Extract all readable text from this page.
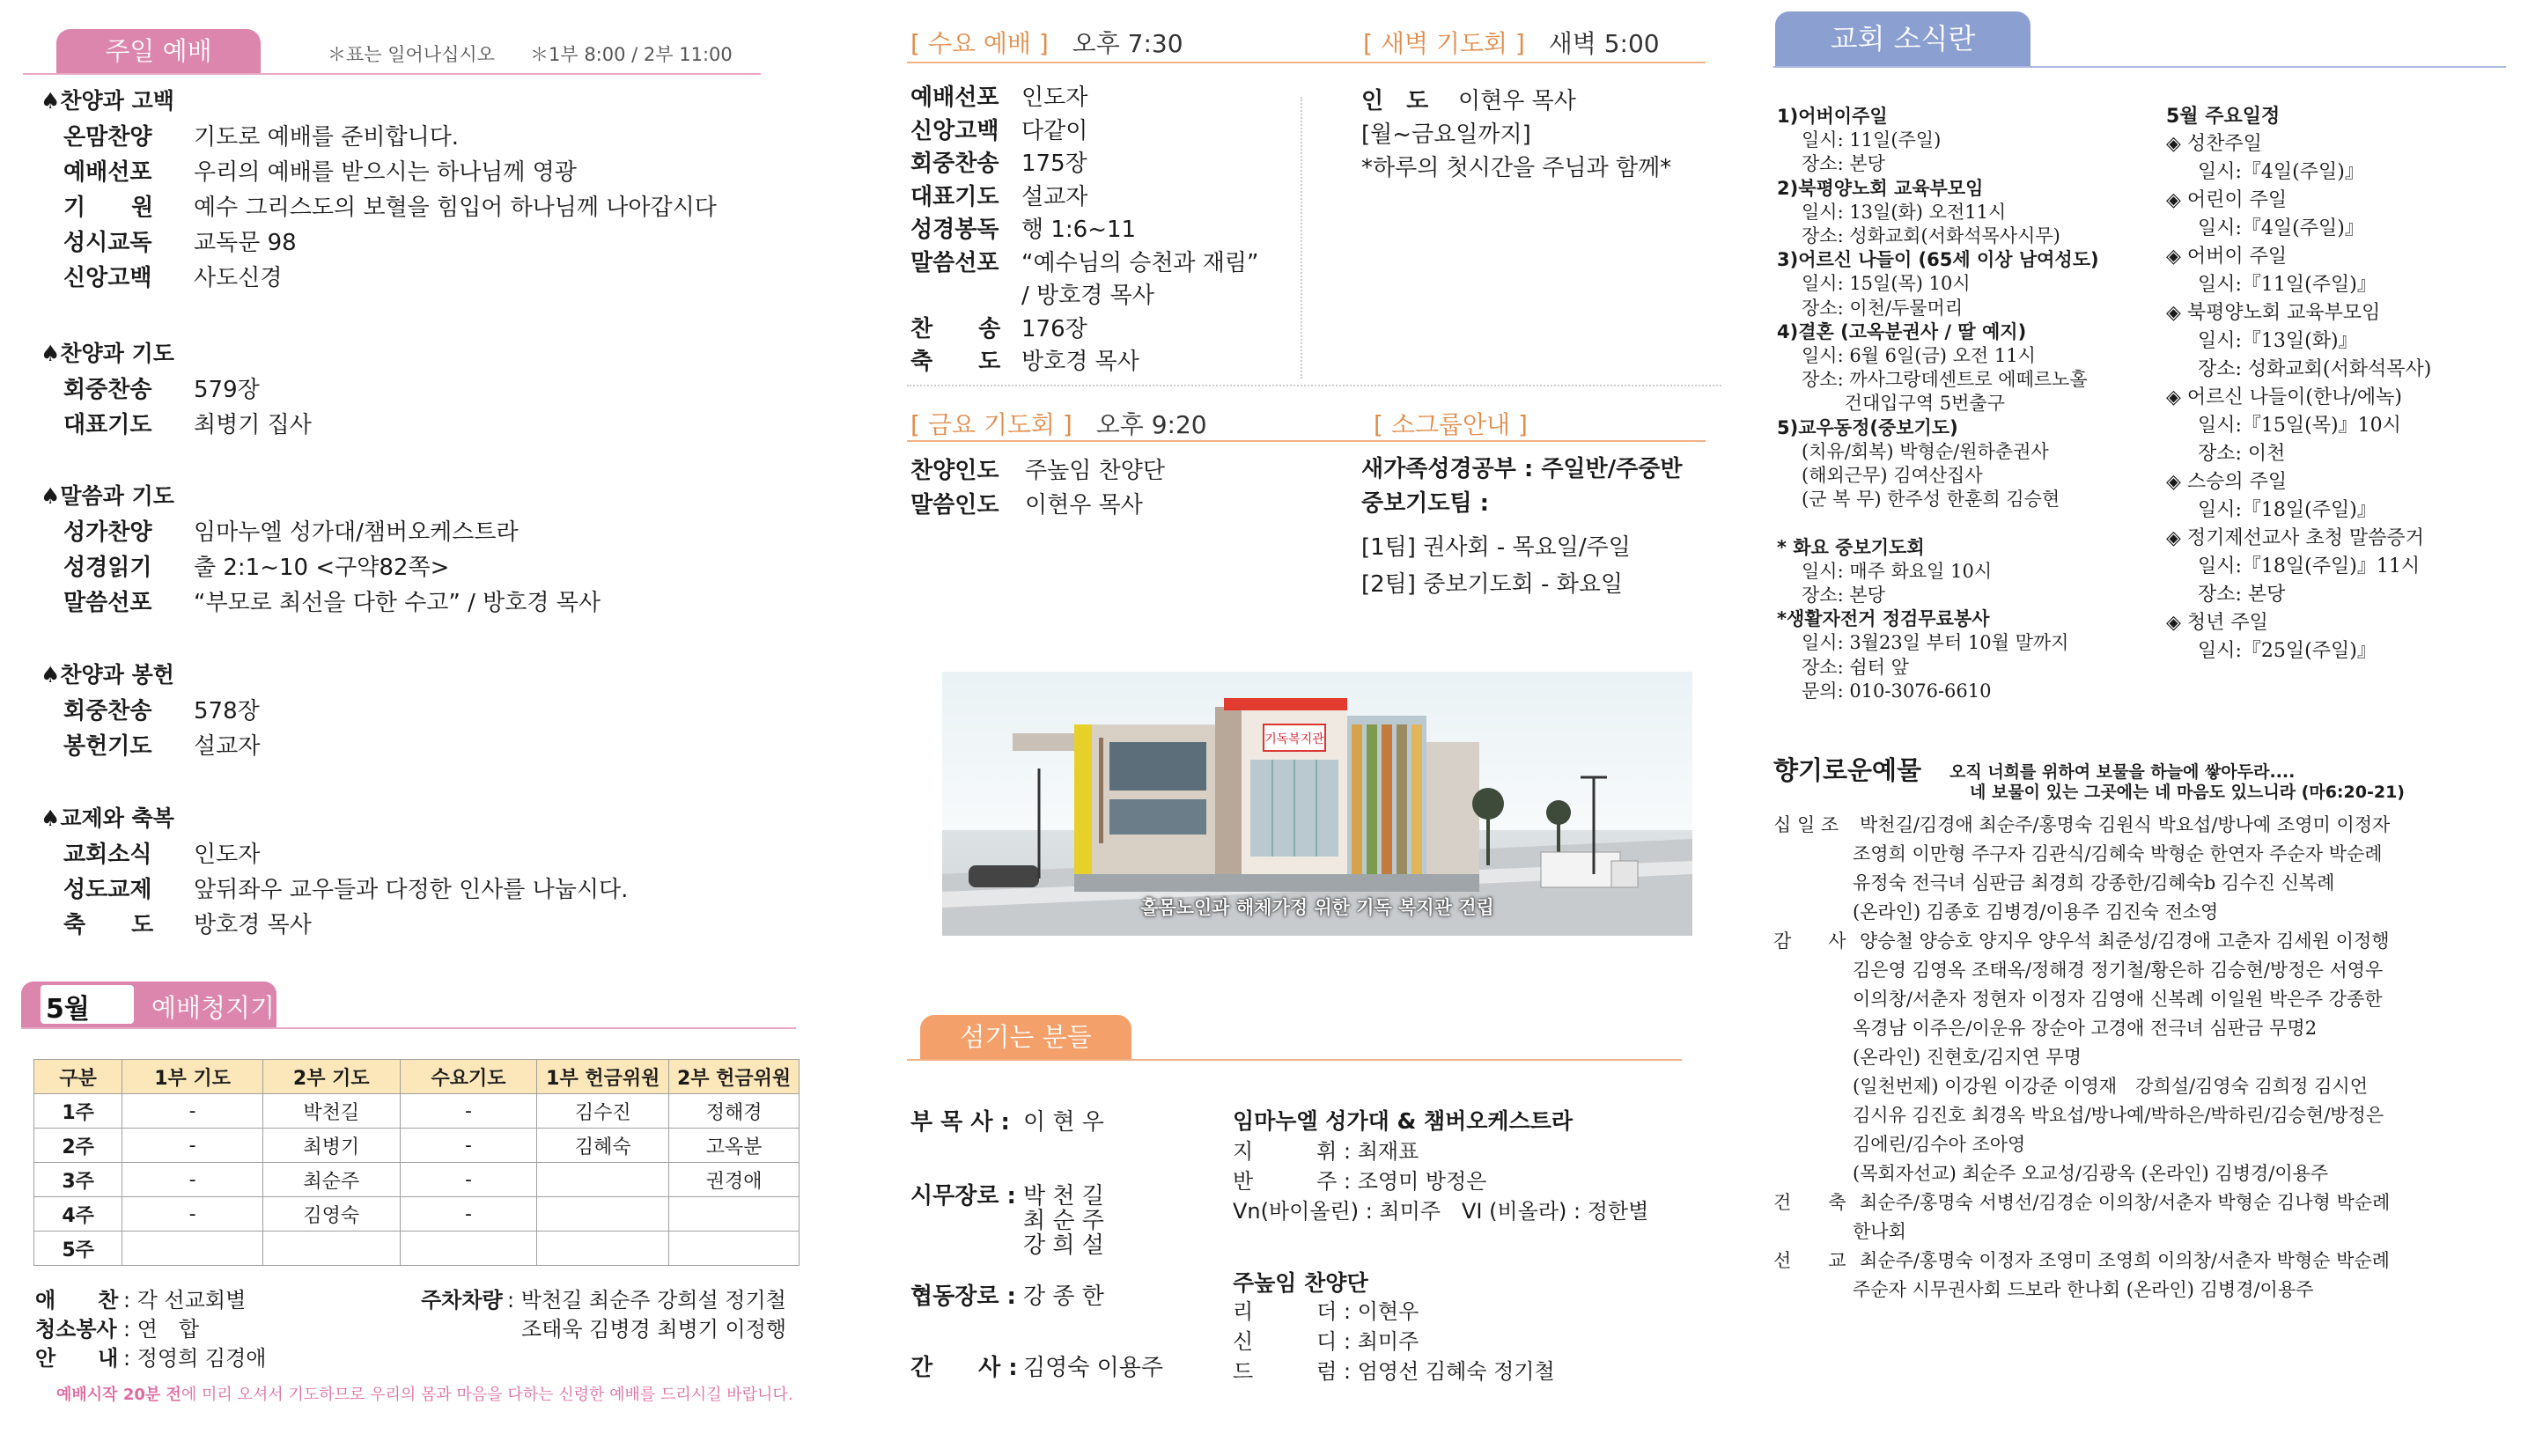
주일 예배	＊표는 일어나십시오 ＊1부 8:00 / 2부 11:00
♠찬양과 고백
온맘찬양 기도로 예배를 준비합니다.
예배선포 우리의 예배를 받으시는 하나님께 영광
기　　원 예수 그리스도의 보혈을 힘입어 하나님께 나아갑시다
성시교독 교독문 98
신앙고백 사도신경
♠찬양과 기도
회중찬송 579장
대표기도 최병기 집사
♠말씀과 기도
성가찬양 임마누엘 성가대/챔버오케스트라
성경읽기 출 2:1~10 <구약82쪽>
말씀선포 “부모로 최선을 다한 수고” / 방호경 목사
♠찬양과 봉헌
회중찬송 578장
봉헌기도 설교자
♠교제와 축복
교회소식 인도자
성도교제 앞뒤좌우 교우들과 다정한 인사를 나눕시다.
축　　도 방호경 목사
5월 예배청지기
구분	1부 기도	2부 기도	수요기도	1부 헌금위원	2부 헌금위원
1주	-	박천길	-	김수진	정해경
2주	-	최병기	-	김혜숙	고옥분
3주	-	최순주	-		권경애
4주	-	김영숙	-		
5주					
애　　찬 : 각 선교회별
청소봉사 : 연　합
안　　내 : 정영희 김경애
주차차량 : 박천길 최순주 강희설 정기철
조태욱 김병경 최병기 이정행
예배시작 20분 전에 미리 오셔서 기도하므로 우리의 몸과 마음을 다하는 신령한 예배를 드리시길 바랍니다.
[ 수요 예배 ] 오후 7:30	[ 새벽 기도회 ] 새벽 5:00
예배선포 인도자
신앙고백 다같이
회중찬송 175장
대표기도 설교자
성경봉독 행 1:6~11
말씀선포 “예수님의 승천과 재림”
/ 방호경 목사
찬　　송 176장
축　　도 방호경 목사
인　도 이현우 목사
[월~금요일까지]
*하루의 첫시간을 주님과 함께*
[ 금요 기도회 ] 오후 9:20	[ 소그룹안내 ]
찬양인도 주높임 찬양단
말씀인도 이현우 목사
새가족성경공부 : 주일반/주중반
중보기도팀 :
[1팀] 권사회 - 목요일/주일
[2팀] 중보기도회 - 화요일
기독복지관
홀몸노인과 해체가정 위한 기독 복지관 건립
섬기는 분들
부 목 사 : 이 현 우
시무장로 : 박 천 길
최 순 주
강 희 설
협동장로 : 강 종 한
간　　사 : 김영숙 이용주
임마누엘 성가대 & 챔버오케스트라
지　　　휘 : 최재표
반　　　주 : 조영미 방정은
Vn(바이올린) : 최미주　VI (비올라) : 정한별
주높임 찬양단
리　　　더 : 이현우
신　　　디 : 최미주
드　　　럼 : 엄영선 김혜숙 정기철
교회 소식란
1)어버이주일
일시: 11일(주일)
장소: 본당
2)북평양노회 교육부모임
일시: 13일(화) 오전11시
장소: 성화교회(서화석목사시무)
3)어르신 나들이 (65세 이상 남여성도)
일시: 15일(목) 10시
장소: 이천/두물머리
4)결혼 (고옥분권사 / 딸 예지)
일시: 6월 6일(금) 오전 11시
장소: 까사그랑데센트로 에떼르노홀
　　 건대입구역 5번출구
5)교우동정(중보기도)
(치유/회복) 박형순/원하춘권사
(해외근무) 김여산집사
(군 복 무) 한주성 한훈희 김승현
* 화요 중보기도회
일시: 매주 화요일 10시
장소: 본당
*생활자전거 정검무료봉사
일시: 3월23일 부터 10월 말까지
장소: 쉼터 앞
문의: 010-3076-6610
5월 주요일정
◈ 성찬주일
일시:『4일(주일)』
◈ 어린이 주일
일시:『4일(주일)』
◈ 어버이 주일
일시:『11일(주일)』
◈ 북평양노회 교육부모임
일시:『13일(화)』
장소: 성화교회(서화석목사)
◈ 어르신 나들이(한나/에녹)
일시:『15일(목)』10시
장소: 이천
◈ 스승의 주일
일시:『18일(주일)』
◈ 정기제선교사 초청 말씀증거
일시:『18일(주일)』11시
장소: 본당
◈ 청년 주일
일시:『25일(주일)』
향기로운예물 오직 너희를 위하여 보물을 하늘에 쌓아두라....
네 보물이 있는 그곳에는 네 마음도 있느니라 (마6:20-21)
십 일 조 박천길/김경애 최순주/홍명숙 김원식 박요섭/방나예 조영미 이정자
조영희 이만형 주구자 김관식/김혜숙 박형순 한연자 주순자 박순례
유정숙 전극녀 심판금 최경희 강종한/김혜숙b 김수진 신복례
(온라인) 김종호 김병경/이용주 김진숙 전소영
감　　사 양승철 양승호 양지우 양우석 최준성/김경애 고춘자 김세원 이정행
김은영 김영옥 조태옥/정해경 정기철/황은하 김승현/방정은 서영우
이의창/서춘자 정현자 이정자 김영애 신복례 이일원 박은주 강종한
옥경남 이주은/이운유 장순아 고경애 전극녀 심판금 무명2
(온라인) 진현호/김지연 무명
(일천번제) 이강원 이강준 이영재　강희설/김영숙 김희정 김시언
김시유 김진호 최경옥 박요섭/방나예/박하은/박하린/김승현/방정은
김에린/김수아 조아영
(목회자선교) 최순주 오교성/김광옥 (온라인) 김병경/이용주
건　　축 최순주/홍명숙 서병선/김경순 이의창/서춘자 박형순 김나형 박순례
한나회
선　　교 최순주/홍명숙 이정자 조영미 조영희 이의창/서춘자 박형순 박순례
주순자 시무권사회 드보라 한나회 (온라인) 김병경/이용주
